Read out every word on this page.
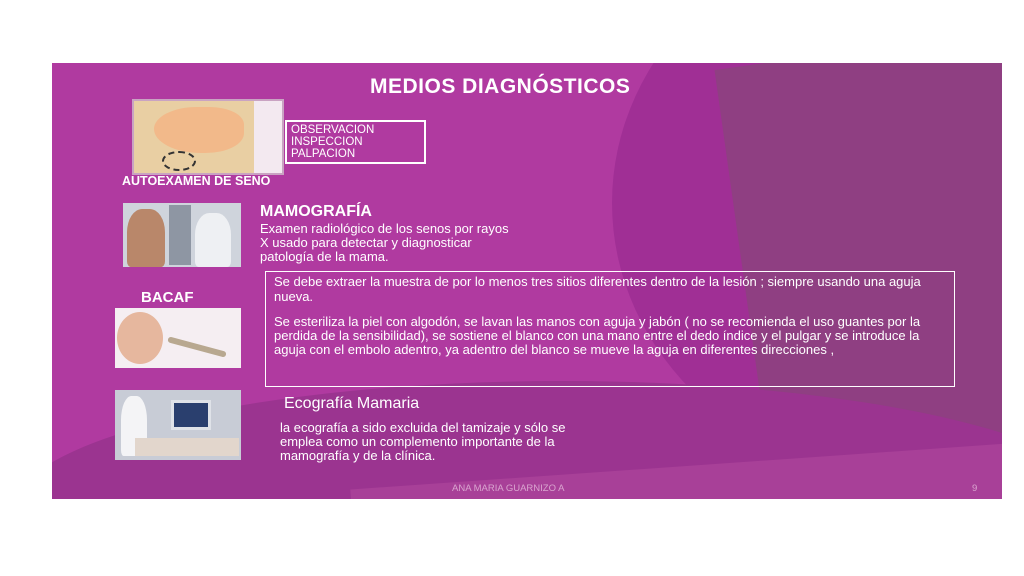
MEDIOS DIAGNÓSTICOS
OBSERVACION
INSPECCION
PALPACION
AUTOEXAMEN DE SENO
MAMOGRAFÍA
Examen radiológico de los senos por rayos
X usado para detectar y diagnosticar
patología de la mama.
BACAF
Se debe extraer la muestra de por lo menos tres sitios diferentes dentro de la lesión ; siempre usando una aguja nueva.
Se esteriliza la piel con algodón, se lavan las manos con aguja y jabón ( no se recomienda el uso guantes por la perdida de la sensibilidad), se sostiene el blanco con una mano entre el dedo índice y el pulgar y se introduce la aguja con el embolo adentro, ya adentro del blanco se mueve la aguja en diferentes direcciones ,
Ecografía Mamaria
la ecografía a sido excluida del tamizaje y sólo se
emplea como un complemento importante de la
mamografía y de la clínica.
ANA MARIA GUARNIZO A	9
